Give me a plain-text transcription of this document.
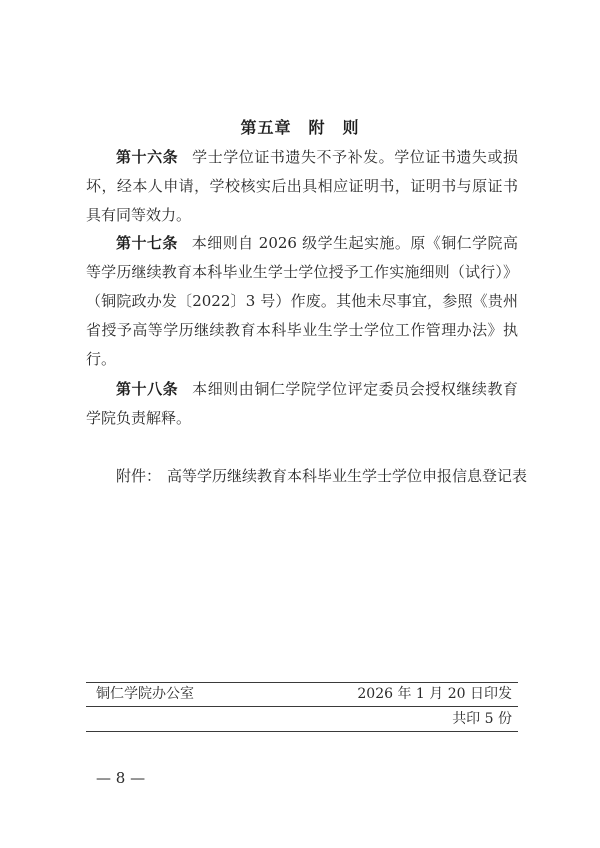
第五章　附　则
第十六条 学士学位证书遗失不予补发。学位证书遗失或损坏，经本人申请，学校核实后出具相应证明书，证明书与原证书具有同等效力。
第十七条 本细则自 2026 级学生起实施。原《铜仁学院高等学历继续教育本科毕业生学士学位授予工作实施细则（试行）》（铜院政办发〔2022〕3 号）作废。其他未尽事宜，参照《贵州省授予高等学历继续教育本科毕业生学士学位工作管理办法》执行。
第十八条 本细则由铜仁学院学位评定委员会授权继续教育学院负责解释。
附件： 高等学历继续教育本科毕业生学士学位申报信息登记表
铜仁学院办公室	2026 年 1 月 20 日印发
共印 5 份
— 8 —
